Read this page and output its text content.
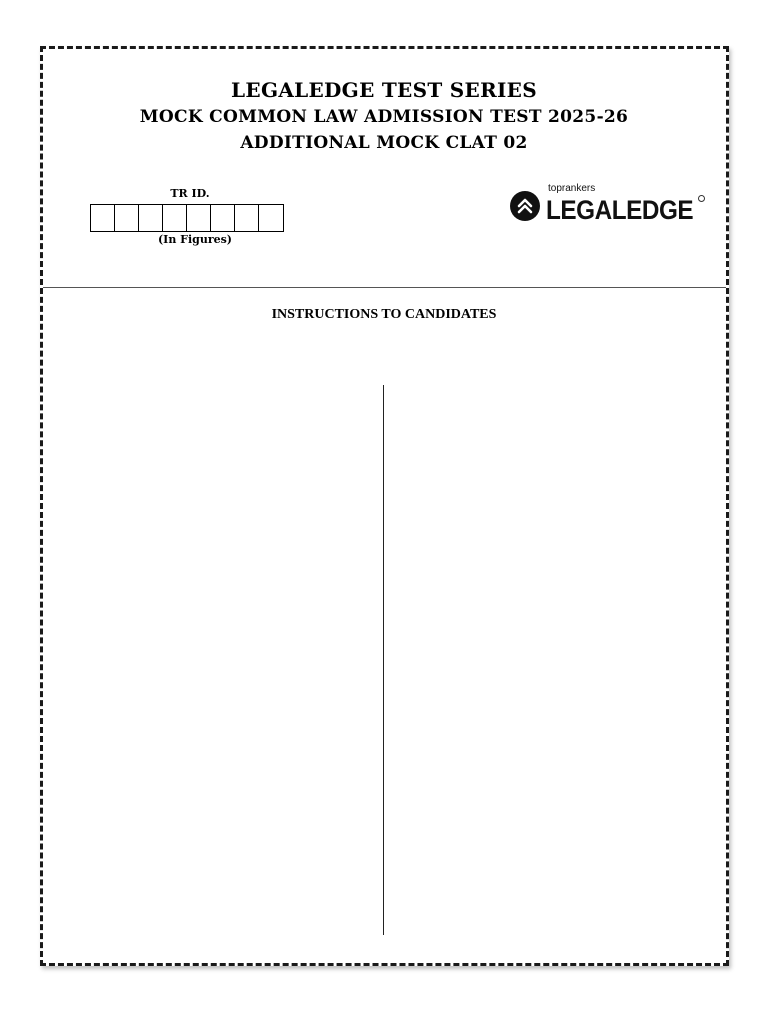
LEGALEDGE TEST SERIES
MOCK COMMON LAW ADMISSION TEST 2025-26
ADDITIONAL MOCK CLAT 02
TR ID.
(In Figures)
toprankers
LEGALEDGE
INSTRUCTIONS TO CANDIDATES
